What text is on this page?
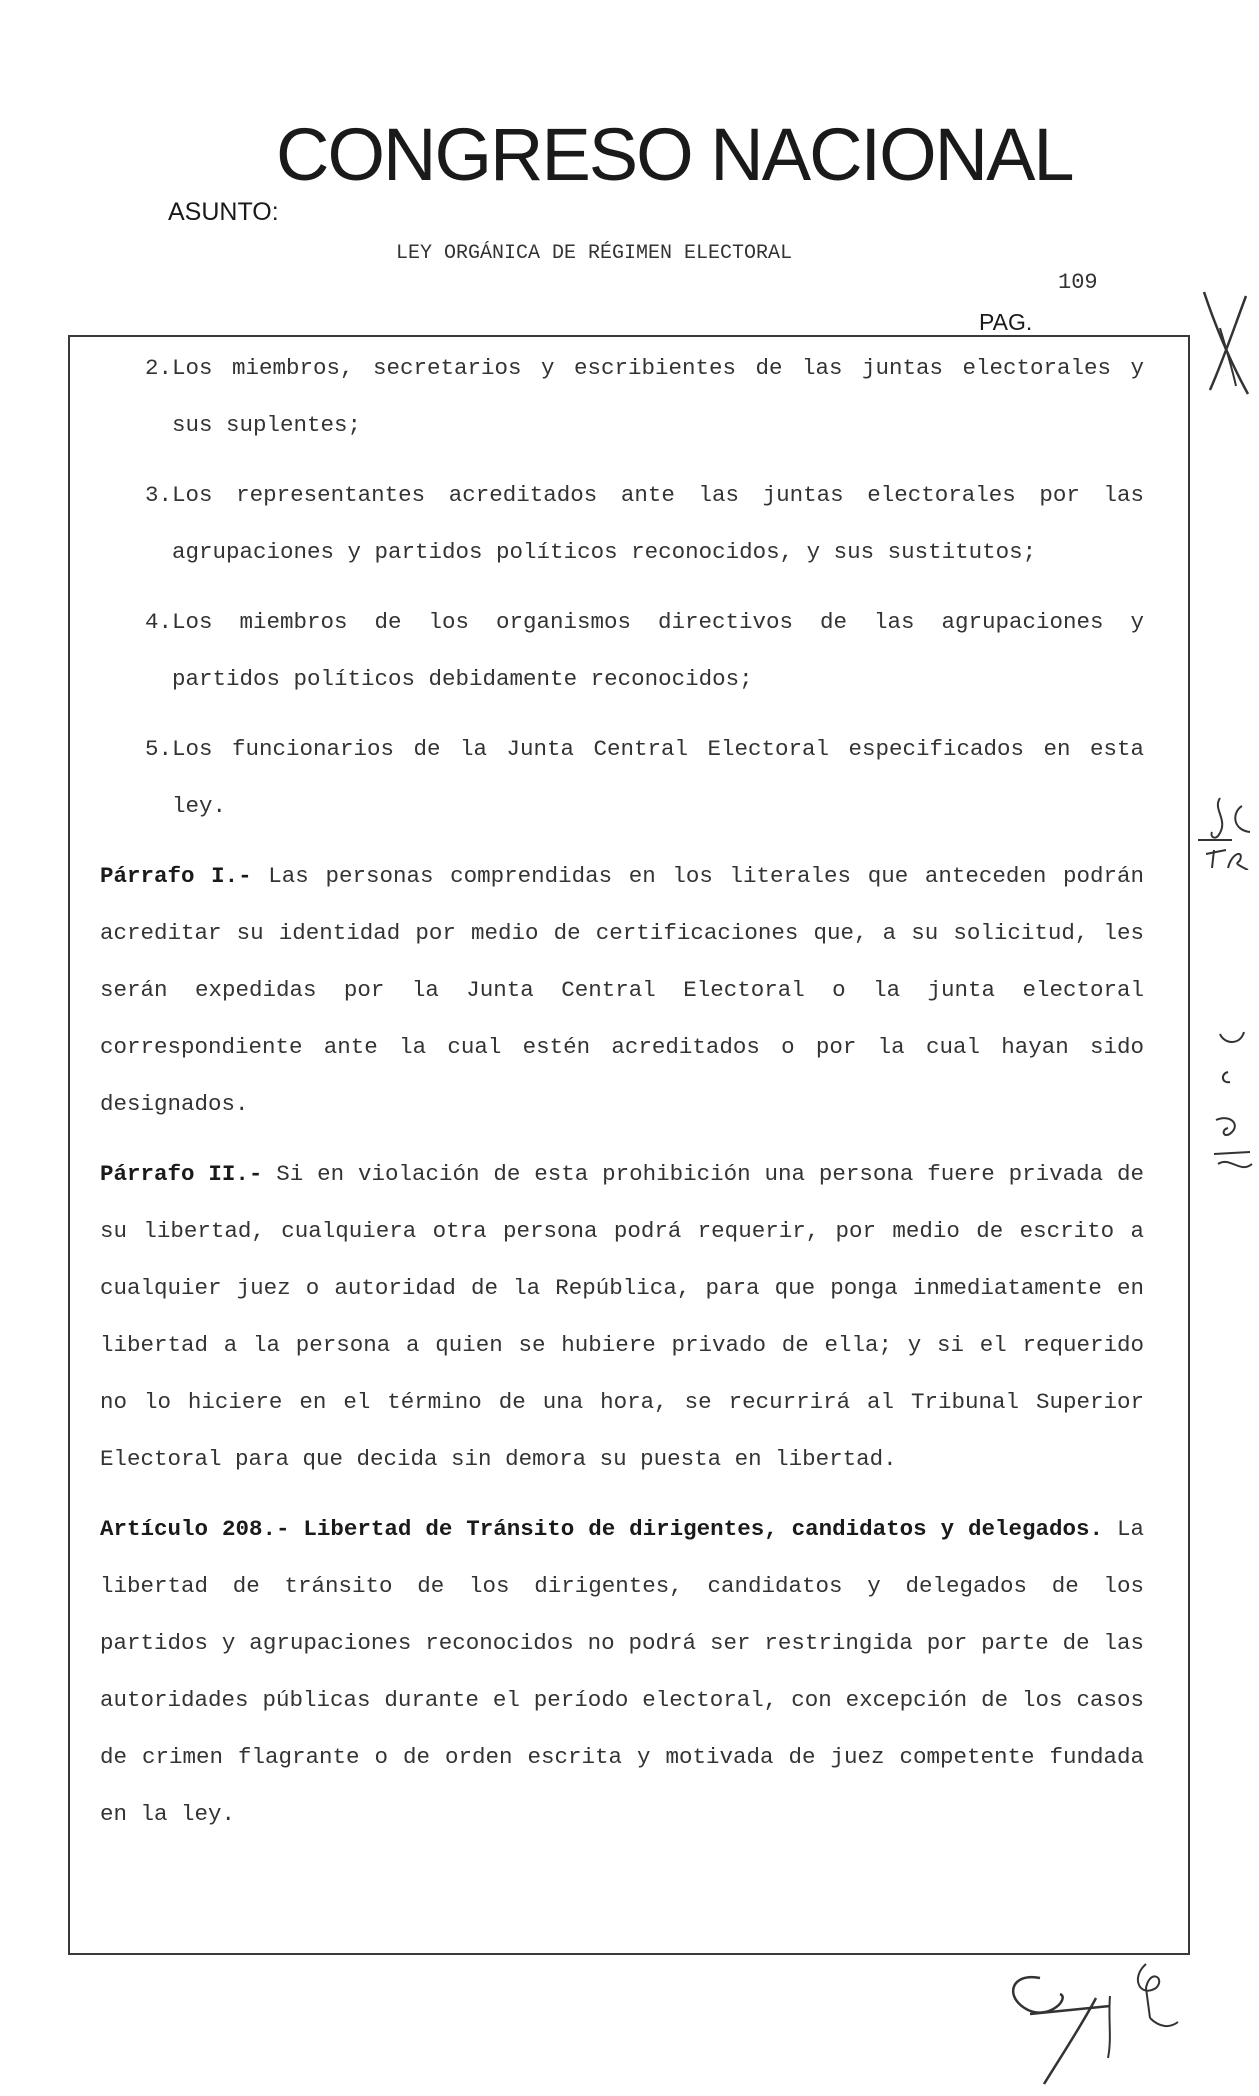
CONGRESO NACIONAL
ASUNTO:
LEY ORGÁNICA DE RÉGIMEN ELECTORAL
109
PAG.
2. Los miembros, secretarios y escribientes de las juntas electorales y sus suplentes;
3. Los representantes acreditados ante las juntas electorales por las agrupaciones y partidos políticos reconocidos, y sus sustitutos;
4. Los miembros de los organismos directivos de las agrupaciones y partidos políticos debidamente reconocidos;
5. Los funcionarios de la Junta Central Electoral especificados en esta ley.
Párrafo I.- Las personas comprendidas en los literales que anteceden podrán acreditar su identidad por medio de certificaciones que, a su solicitud, les serán expedidas por la Junta Central Electoral o la junta electoral correspondiente ante la cual estén acreditados o por la cual hayan sido designados.
Párrafo II.- Si en violación de esta prohibición una persona fuere privada de su libertad, cualquiera otra persona podrá requerir, por medio de escrito a cualquier juez o autoridad de la República, para que ponga inmediatamente en libertad a la persona a quien se hubiere privado de ella; y si el requerido no lo hiciere en el término de una hora, se recurrirá al Tribunal Superior Electoral para que decida sin demora su puesta en libertad.
Artículo 208.- Libertad de Tránsito de dirigentes, candidatos y delegados. La libertad de tránsito de los dirigentes, candidatos y delegados de los partidos y agrupaciones reconocidos no podrá ser restringida por parte de las autoridades públicas durante el período electoral, con excepción de los casos de crimen flagrante o de orden escrita y motivada de juez competente fundada en la ley.
